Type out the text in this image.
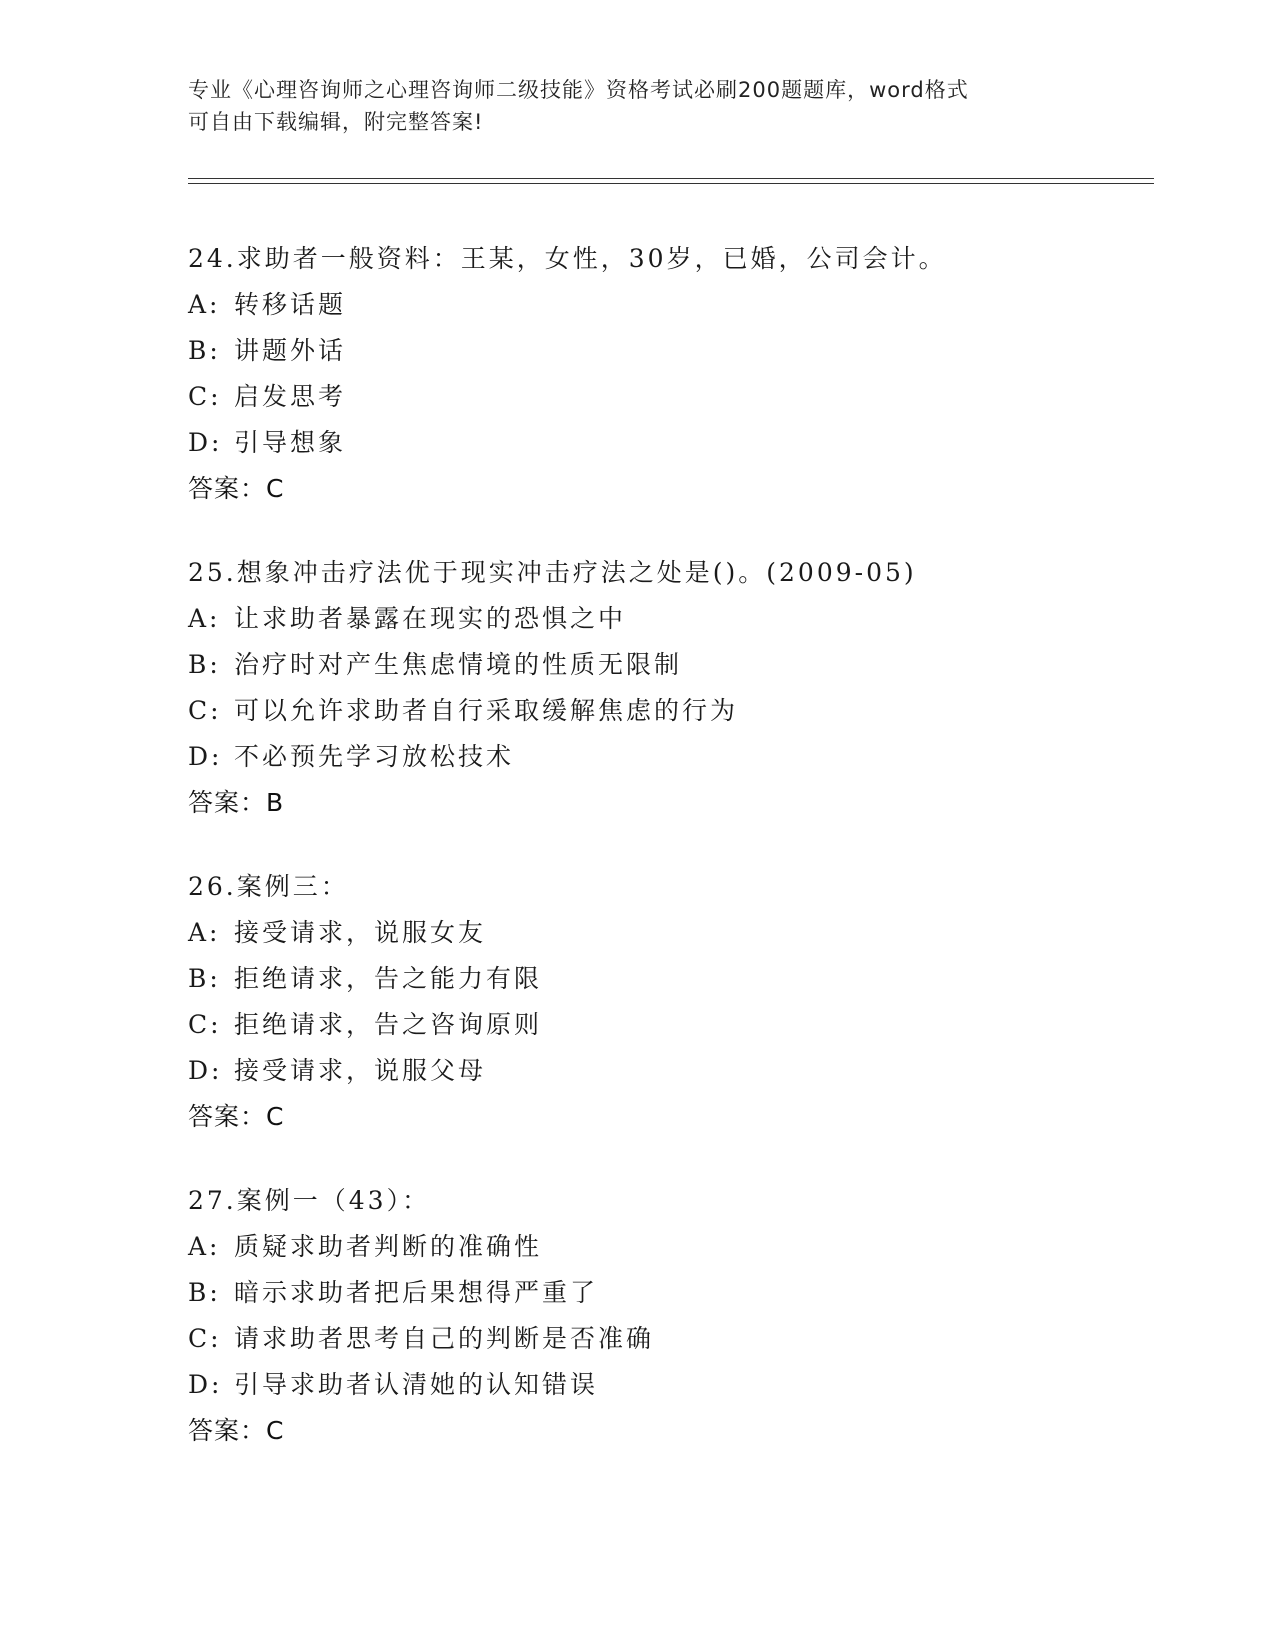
专业《心理咨询师之心理咨询师二级技能》资格考试必刷200题题库，word格式
可自由下载编辑，附完整答案!
24.求助者一般资料：王某，女性，30岁，已婚，公司会计。
A: 转移话题
B: 讲题外话
C: 启发思考
D: 引导想象
答案：C
25.想象冲击疗法优于现实冲击疗法之处是()。(2009-05)
A: 让求助者暴露在现实的恐惧之中
B: 治疗时对产生焦虑情境的性质无限制
C: 可以允许求助者自行采取缓解焦虑的行为
D: 不必预先学习放松技术
答案：B
26.案例三：
A: 接受请求，说服女友
B: 拒绝请求，告之能力有限
C: 拒绝请求，告之咨询原则
D: 接受请求，说服父母
答案：C
27.案例一（43）：
A: 质疑求助者判断的准确性
B: 暗示求助者把后果想得严重了
C: 请求助者思考自己的判断是否准确
D: 引导求助者认清她的认知错误
答案：C
